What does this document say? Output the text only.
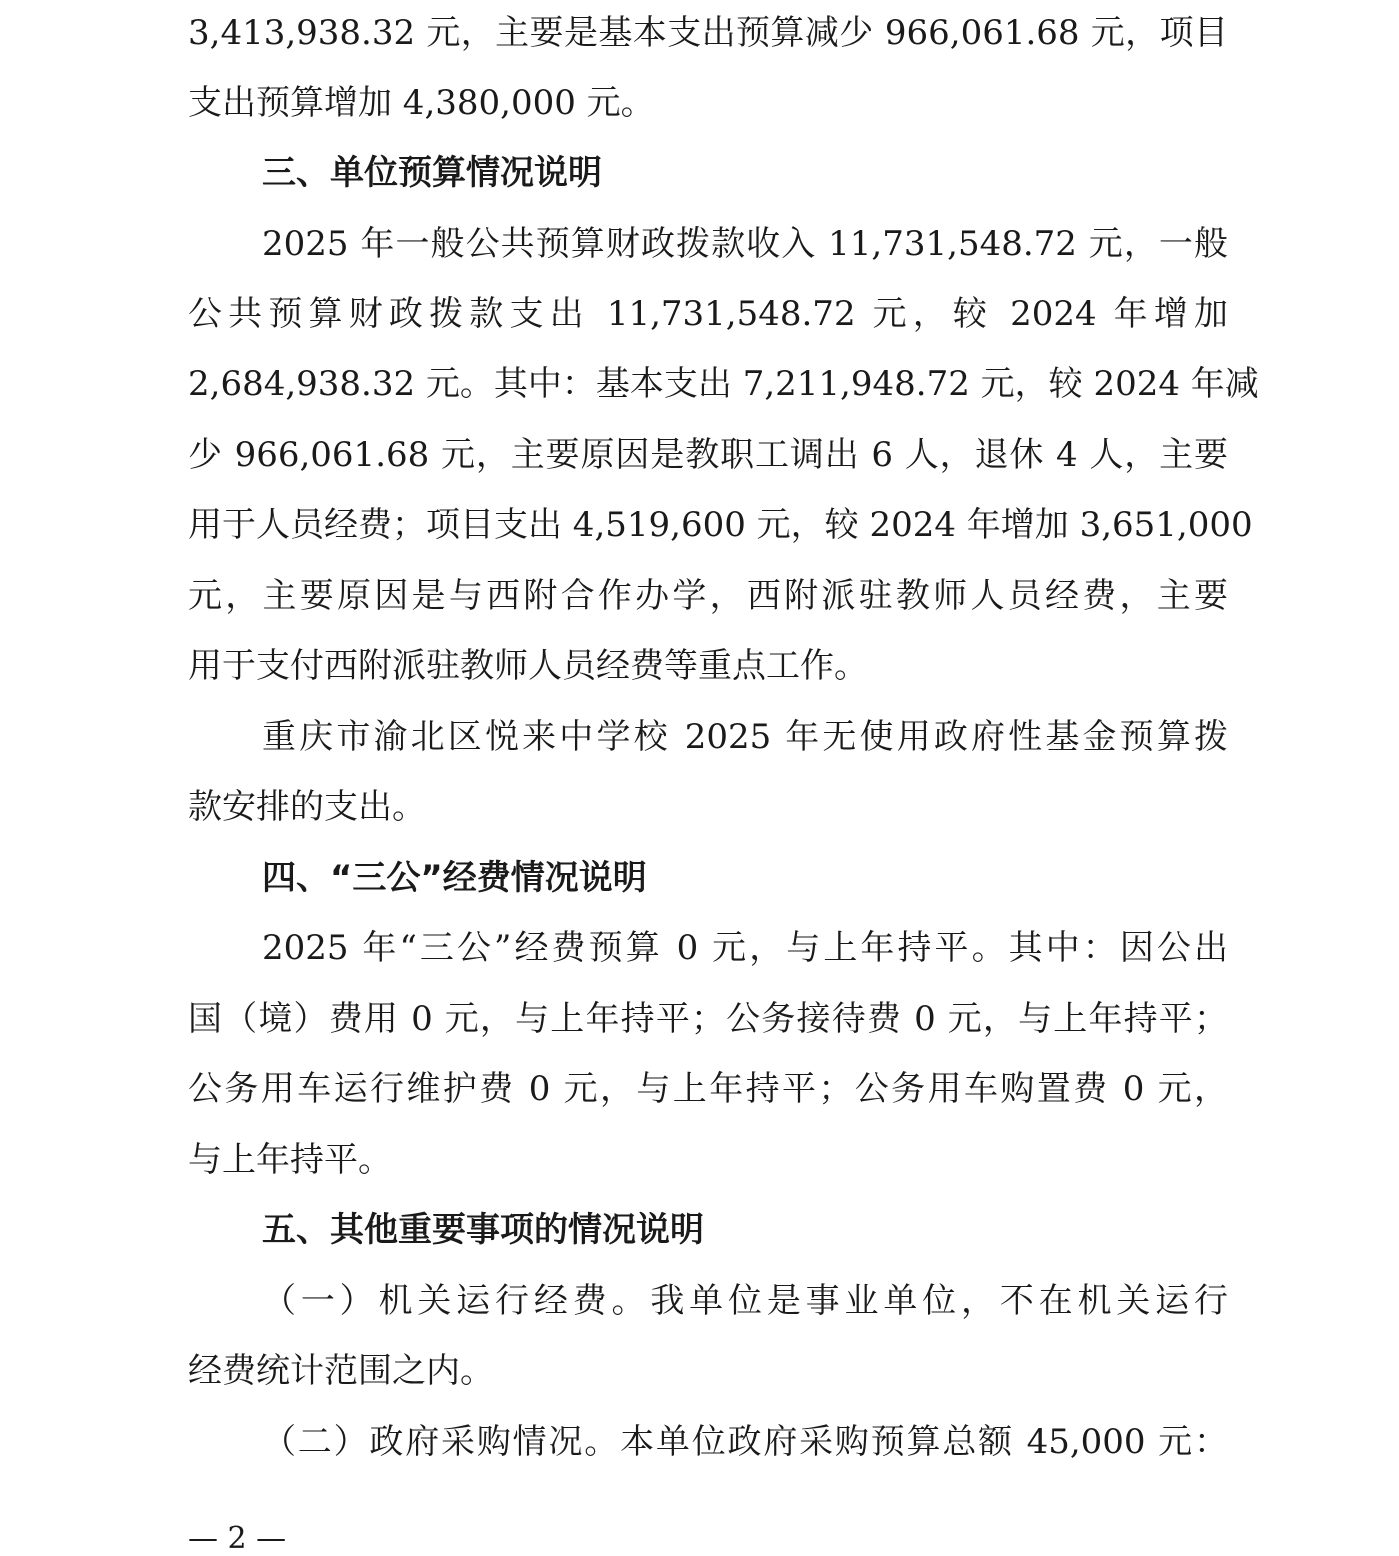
3,413,938.32 元，主要是基本支出预算减少 966,061.68 元，项目
支出预算增加 4,380,000 元。
三、单位预算情况说明
2025 年一般公共预算财政拨款收入 11,731,548.72 元，一般
公共预算财政拨款支出 11,731,548.72 元，较 2024 年增加
2,684,938.32 元。其中：基本支出 7,211,948.72 元，较 2024 年减
少 966,061.68 元，主要原因是教职工调出 6 人，退休 4 人，主要
用于人员经费；项目支出 4,519,600 元，较 2024 年增加 3,651,000
元，主要原因是与西附合作办学，西附派驻教师人员经费，主要
用于支付西附派驻教师人员经费等重点工作。
重庆市渝北区悦来中学校 2025 年无使用政府性基金预算拨
款安排的支出。
四、“三公”经费情况说明
2025 年“三公”经费预算 0 元，与上年持平。其中：因公出
国（境）费用 0 元，与上年持平；公务接待费 0 元，与上年持平；
公务用车运行维护费 0 元，与上年持平；公务用车购置费 0 元，
与上年持平。
五、其他重要事项的情况说明
（一）机关运行经费。我单位是事业单位，不在机关运行
经费统计范围之内。
（二）政府采购情况。本单位政府采购预算总额 45,000 元：
— 2 —
